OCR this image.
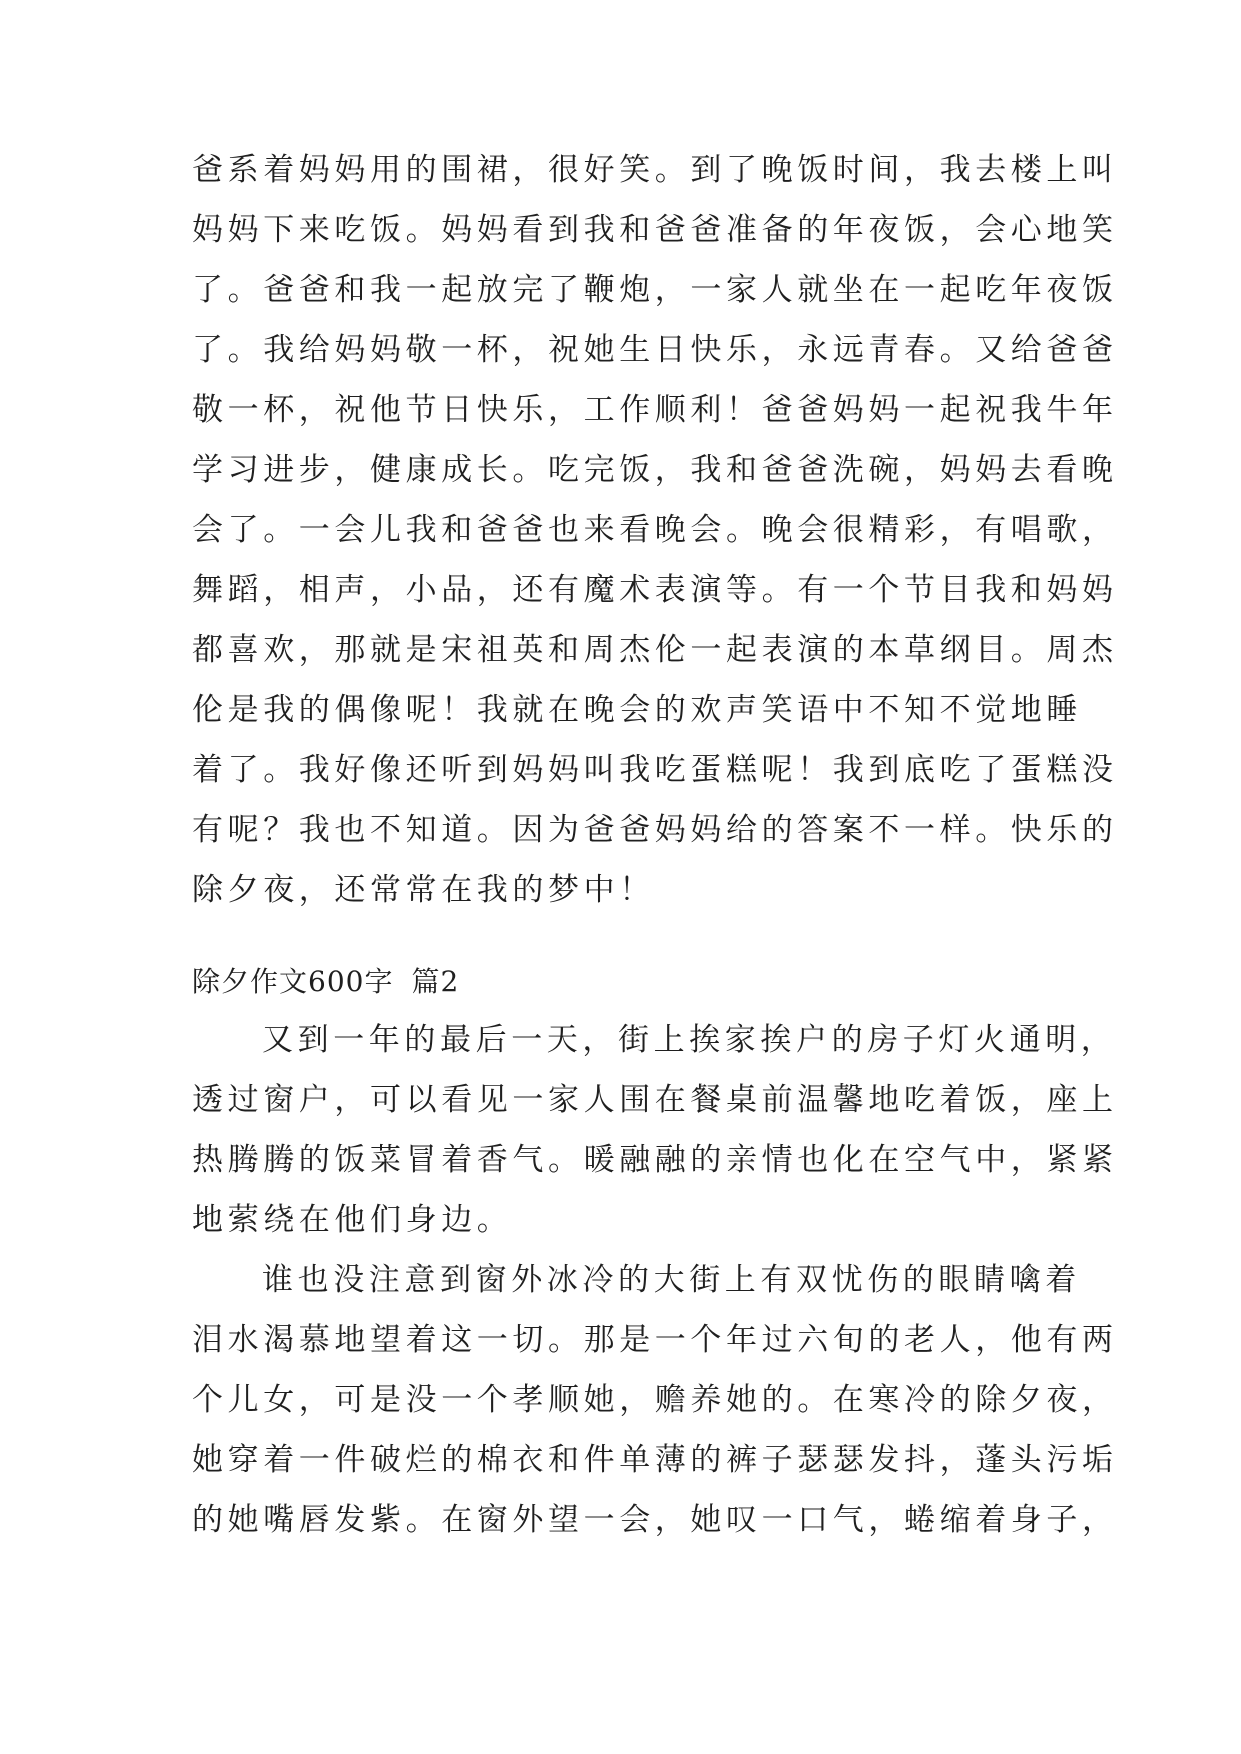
爸系着妈妈用的围裙，很好笑。到了晚饭时间，我去楼上叫
妈妈下来吃饭。妈妈看到我和爸爸准备的年夜饭，会心地笑
了。爸爸和我一起放完了鞭炮，一家人就坐在一起吃年夜饭
了。我给妈妈敬一杯，祝她生日快乐，永远青春。又给爸爸
敬一杯，祝他节日快乐，工作顺利！爸爸妈妈一起祝我牛年
学习进步，健康成长。吃完饭，我和爸爸洗碗，妈妈去看晚
会了。一会儿我和爸爸也来看晚会。晚会很精彩，有唱歌，
舞蹈，相声，小品，还有魔术表演等。有一个节目我和妈妈
都喜欢，那就是宋祖英和周杰伦一起表演的本草纲目。周杰
伦是我的偶像呢！我就在晚会的欢声笑语中不知不觉地睡
着了。我好像还听到妈妈叫我吃蛋糕呢！我到底吃了蛋糕没
有呢？我也不知道。因为爸爸妈妈给的答案不一样。快乐的
除夕夜，还常常在我的梦中！
除夕作文600字 篇2
又到一年的最后一天，街上挨家挨户的房子灯火通明，
透过窗户，可以看见一家人围在餐桌前温馨地吃着饭，座上
热腾腾的饭菜冒着香气。暖融融的亲情也化在空气中，紧紧
地萦绕在他们身边。
谁也没注意到窗外冰冷的大街上有双忧伤的眼睛噙着
泪水渴慕地望着这一切。那是一个年过六旬的老人，他有两
个儿女，可是没一个孝顺她，赡养她的。在寒冷的除夕夜，
她穿着一件破烂的棉衣和件单薄的裤子瑟瑟发抖，蓬头污垢
的她嘴唇发紫。在窗外望一会，她叹一口气，蜷缩着身子，
